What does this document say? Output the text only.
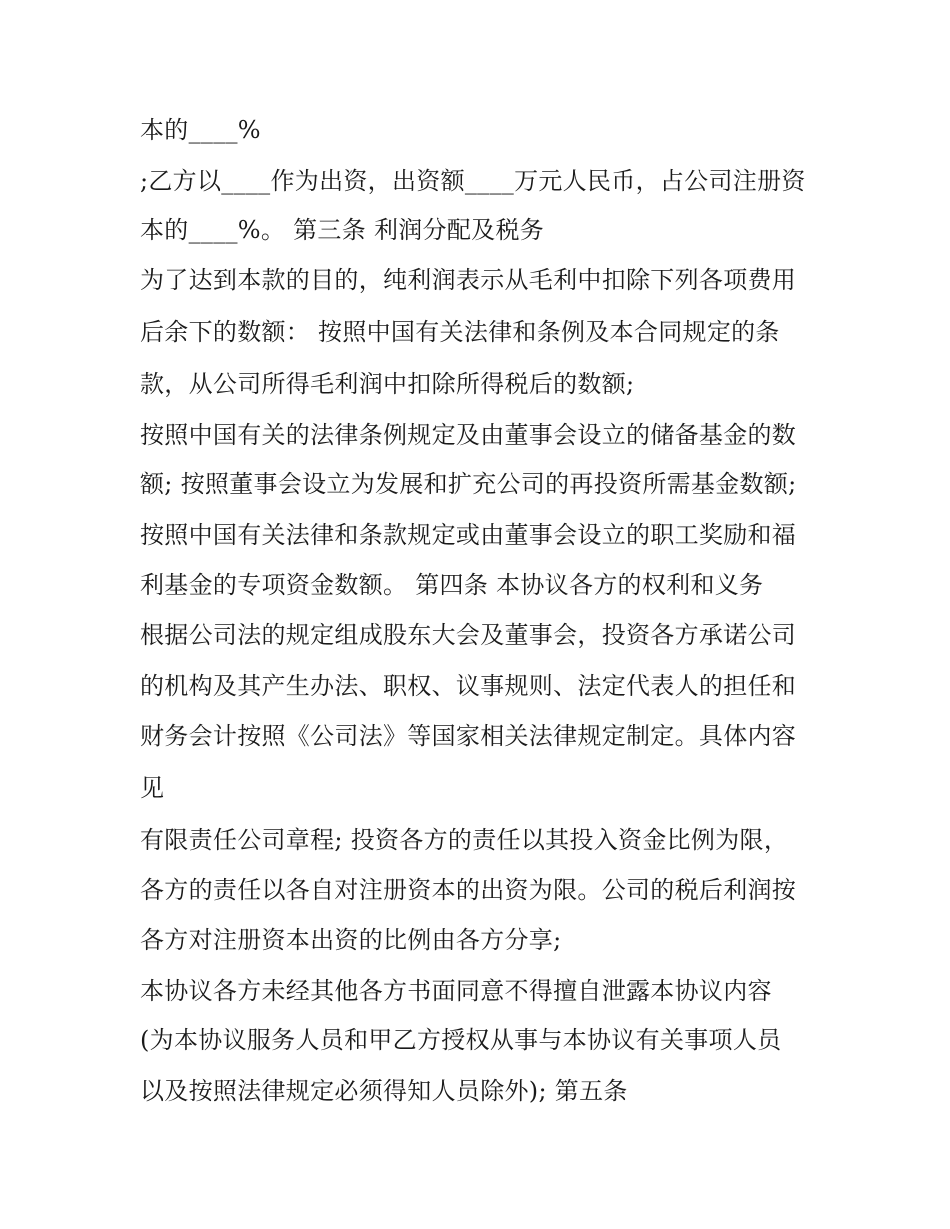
本的____%

;乙方以____作为出资，出资额____万元人民币，占公司注册资

本的____%。 第三条 利润分配及税务

为了达到本款的目的，纯利润表示从毛利中扣除下列各项费用

后余下的数额： 按照中国有关法律和条例及本合同规定的条

款，从公司所得毛利润中扣除所得税后的数额;

按照中国有关的法律条例规定及由董事会设立的储备基金的数

额; 按照董事会设立为发展和扩充公司的再投资所需基金数额;

按照中国有关法律和条款规定或由董事会设立的职工奖励和福

利基金的专项资金数额。 第四条 本协议各方的权利和义务

根据公司法的规定组成股东大会及董事会，投资各方承诺公司

的机构及其产生办法、职权、议事规则、法定代表人的担任和

财务会计按照《公司法》等国家相关法律规定制定。具体内容

见

有限责任公司章程; 投资各方的责任以其投入资金比例为限，

各方的责任以各自对注册资本的出资为限。公司的税后利润按

各方对注册资本出资的比例由各方分享;

本协议各方未经其他各方书面同意不得擅自泄露本协议内容

(为本协议服务人员和甲乙方授权从事与本协议有关事项人员

以及按照法律规定必须得知人员除外); 第五条
